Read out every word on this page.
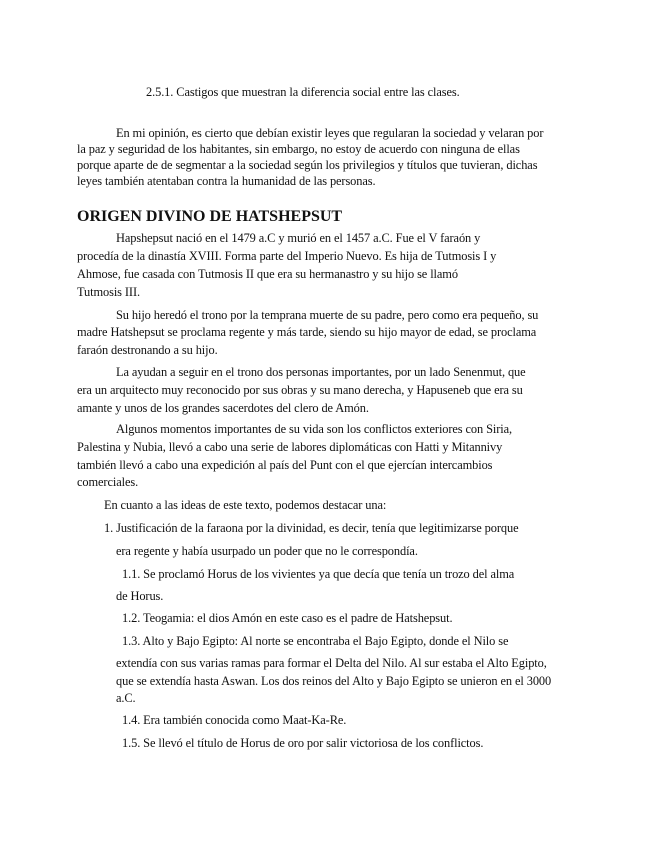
2.5.1. Castigos que muestran la diferencia social entre las clases.
En mi opinión, es cierto que debían existir leyes que regularan la sociedad y velaran por
la paz y seguridad de los habitantes, sin embargo, no estoy de acuerdo con ninguna de ellas
porque aparte de de segmentar a la sociedad según los privilegios y títulos que tuvieran, dichas
leyes también atentaban contra la humanidad de las personas.
ORIGEN DIVINO DE HATSHEPSUT
Hapshepsut nació en el 1479 a.C y murió en el 1457 a.C. Fue el V faraón y
procedía de la dinastía XVIII. Forma parte del Imperio Nuevo. Es hija de Tutmosis I y
Ahmose, fue casada con Tutmosis II que era su hermanastro y su hijo se llamó
Tutmosis III.
Su hijo heredó el trono por la temprana muerte de su padre, pero como era pequeño, su
madre Hatshepsut se proclama regente y más tarde, siendo su hijo mayor de edad, se proclama
faraón destronando a su hijo.
La ayudan a seguir en el trono dos personas importantes, por un lado Senenmut, que
era un arquitecto muy reconocido por sus obras y su mano derecha, y Hapuseneb que era su
amante y unos de los grandes sacerdotes del clero de Amón.
Algunos momentos importantes de su vida son los conflictos exteriores con Siria,
Palestina y Nubia, llevó a cabo una serie de labores diplomáticas con Hatti y Mitannivy
también llevó a cabo una expedición al país del Punt con el que ejercían intercambios
comerciales.
En cuanto a las ideas de este texto, podemos destacar una:
1. Justificación de la faraona por la divinidad, es decir, tenía que legitimizarse porque
era regente y había usurpado un poder que no le correspondía.
1.1. Se proclamó Horus de los vivientes ya que decía que tenía un trozo del alma
de Horus.
1.2. Teogamia: el dios Amón en este caso es el padre de Hatshepsut.
1.3. Alto y Bajo Egipto: Al norte se encontraba el Bajo Egipto, donde el Nilo se
extendía con sus varias ramas para formar el Delta del Nilo. Al sur estaba el Alto Egipto,
que se extendía hasta Aswan. Los dos reinos del Alto y Bajo Egipto se unieron en el 3000
a.C.
1.4. Era también conocida como Maat-Ka-Re.
1.5. Se llevó el título de Horus de oro por salir victoriosa de los conflictos.
